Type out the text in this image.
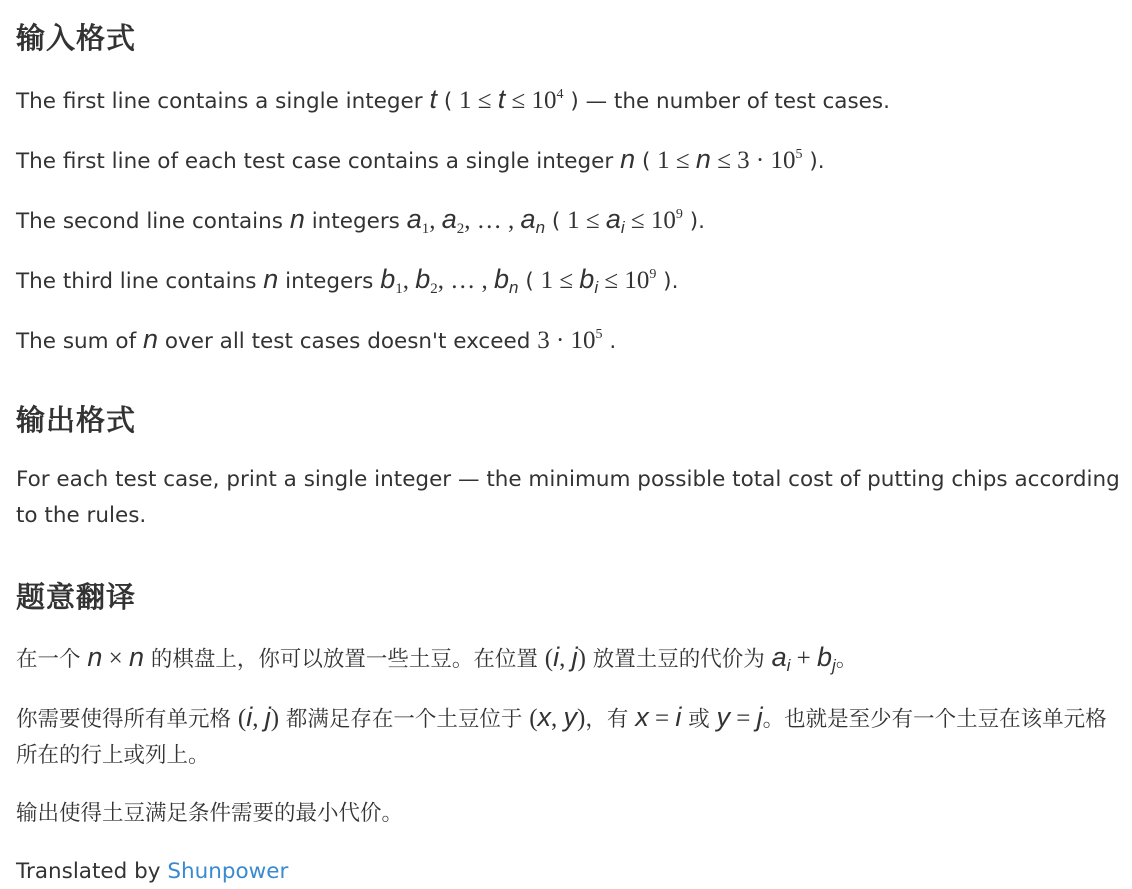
输入格式

The first line contains a single integer t ( $1 \le t \le 10^4$ ) — the number of test cases.

The first line of each test case contains a single integer n ( $1 \le n \le 3 \cdot 10^5$ ).

The second line contains n integers $a_1$, $a_2$, … , $a_n$ ( $1 \le a_i \le 10^9$ ).

The third line contains n integers $b_1$, $b_2$, … , $b_n$ ( $1 \le b_i \le 10^9$ ).

The sum of n over all test cases doesn't exceed $3 \cdot 10^5$ .

输出格式

For each test case, print a single integer — the minimum possible total cost of putting chips according to the rules.

题意翻译

在一个 n × n 的棋盘上，你可以放置一些土豆。在位置 (i, j) 放置土豆的代价为 $a_i + b_j$。

你需要使得所有单元格 (i, j) 都满足存在一个土豆位于 (x, y)，有 x = i 或 y = j。也就是至少有一个土豆在该单元格所在的行上或列上。

输出使得土豆满足条件需要的最小代价。

Translated by Shunpower
